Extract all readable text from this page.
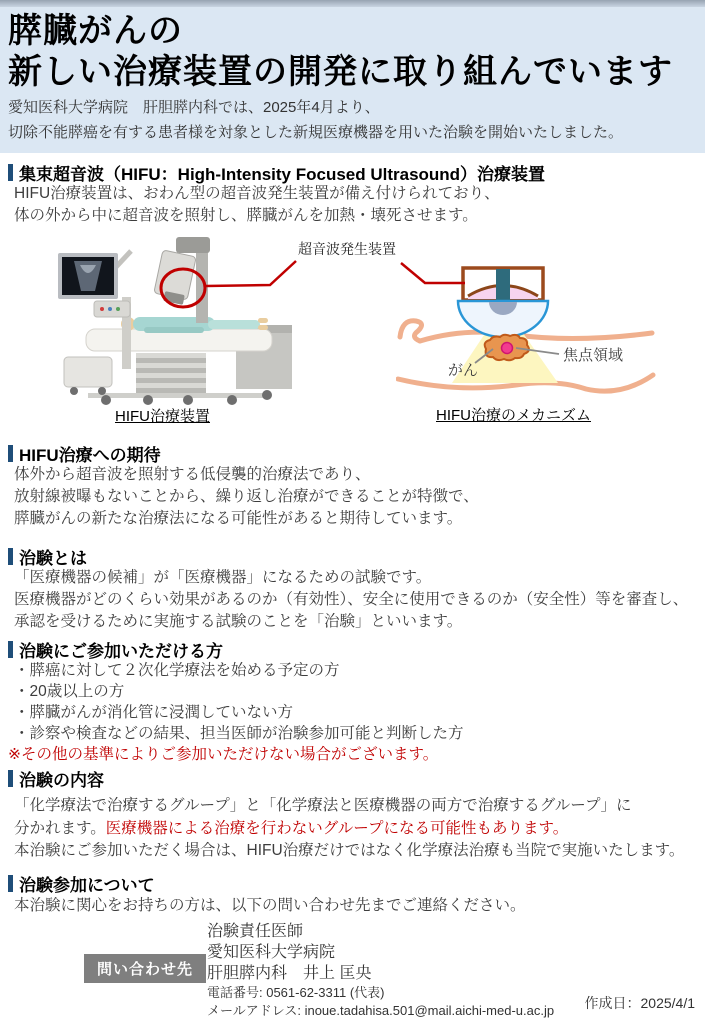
膵臓がんの
新しい治療装置の開発に取り組んでいます
愛知医科大学病院　肝胆膵内科では、2025年4月より、
切除不能膵癌を有する患者様を対象とした新規医療機器を用いた治験を開始いたしました。
集束超音波（HIFU：High-Intensity Focused Ultrasound）治療装置
HIFU治療装置は、おわん型の超音波発生装置が備え付けられており、
体の外から中に超音波を照射し、膵臓がんを加熱・壊死させます。
がん
焦点領域
超音波発生装置
HIFU治療装置	HIFU治療のメカニズム
HIFU治療への期待
体外から超音波を照射する低侵襲的治療法であり、
放射線被曝もないことから、繰り返し治療ができることが特徴で、
膵臓がんの新たな治療法になる可能性があると期待しています。
治験とは
「医療機器の候補」が「医療機器」になるための試験です。
医療機器がどのくらい効果があるのか（有効性）、安全に使用できるのか（安全性）等を審査し、
承認を受けるために実施する試験のことを「治験」といいます。
治験にご参加いただける方
・膵癌に対して２次化学療法を始める予定の方
・20歳以上の方
・膵臓がんが消化管に浸潤していない方
・診察や検査などの結果、担当医師が治験参加可能と判断した方
※その他の基準によりご参加いただけない場合がございます。
治験の内容
「化学療法で治療するグループ」と「化学療法と医療機器の両方で治療するグループ」に
分かれます。医療機器による治療を行わないグループになる可能性もあります。
本治験にご参加いただく場合は、HIFU治療だけではなく化学療法治療も当院で実施いたします。
治験参加について
本治験に関心をお持ちの方は、以下の問い合わせ先までご連絡ください。
問い合わせ先
治験責任医師
愛知医科大学病院
肝胆膵内科　井上 匡央
電話番号: 0561-62-3311 (代表)
メールアドレス: inoue.tadahisa.501@mail.aichi-med-u.ac.jp	作成日：2025/4/1
